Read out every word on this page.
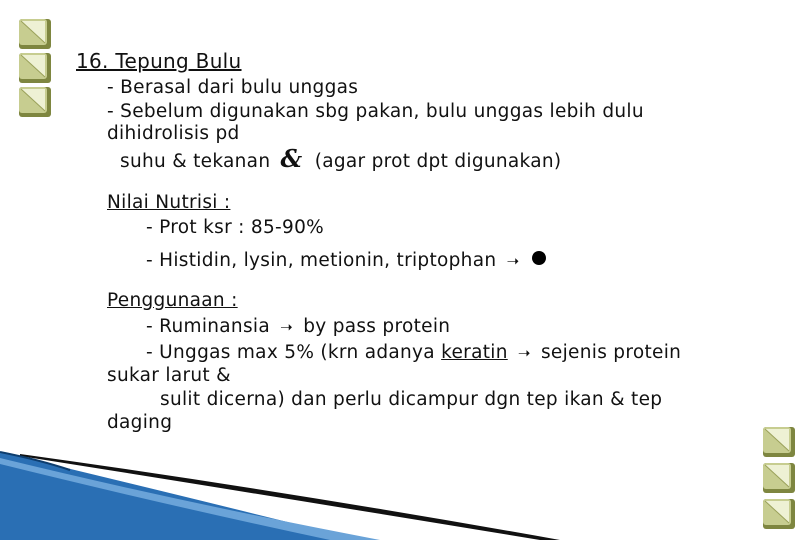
16. Tepung Bulu
- Berasal dari bulu unggas
- Sebelum digunakan sbg pakan, bulu unggas lebih dulu
dihidrolisis pd
suhu & tekanan & (agar prot dpt digunakan)
Nilai Nutrisi :
- Prot ksr : 85-90%
- Histidin, lysin, metionin, triptophan ➝
Penggunaan :
- Ruminansia ➝ by pass protein
- Unggas max 5% (krn adanya keratin ➝ sejenis protein
sukar larut &
sulit dicerna) dan perlu dicampur dgn tep ikan & tep
daging
